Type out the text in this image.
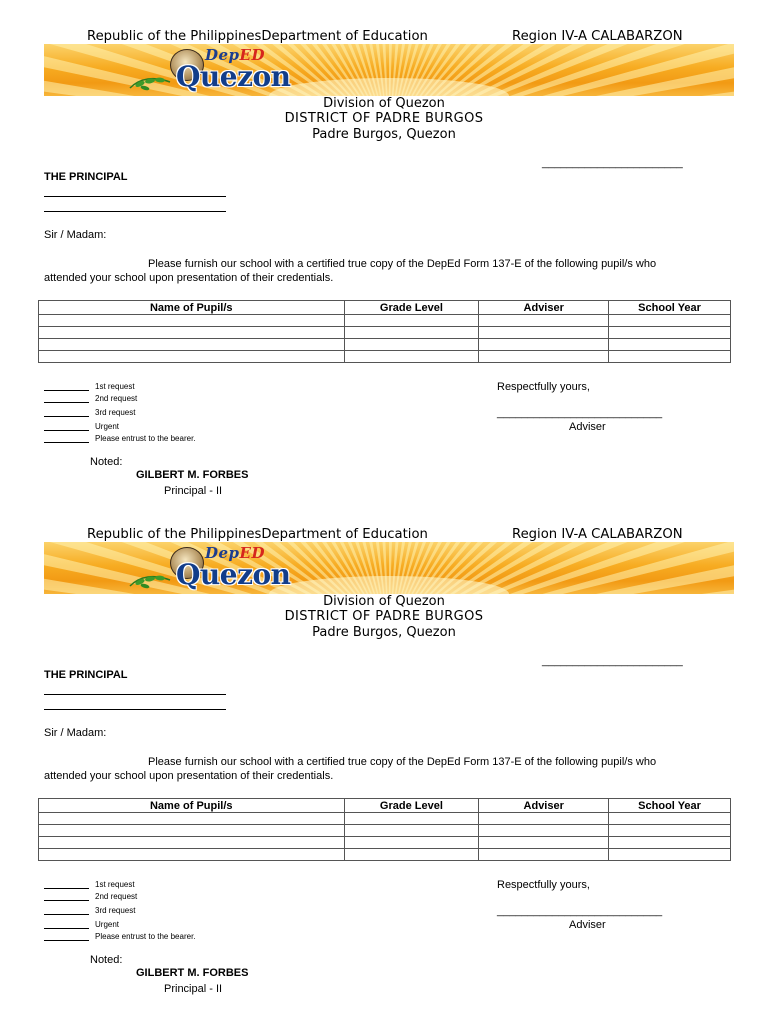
Republic of the PhilippinesDepartment of Education	Region IV-A CALABARZON
DepED
Quezon
Division of Quezon
DISTRICT OF PADRE BURGOS
Padre Burgos, Quezon
_______________________
THE PRINCIPAL
Sir / Madam:
Please furnish our school with a certified true copy of the DepEd Form 137-E of the following pupil/s who
attended your school upon presentation of their credentials.
Name of Pupil/s	Grade Level	Adviser	School Year

1st request
2nd request
3rd request
Urgent
Please entrust to the bearer.
Respectfully yours,
___________________________
Adviser
Noted:
GILBERT M. FORBES
Principal - II
Republic of the PhilippinesDepartment of Education	Region IV-A CALABARZON
DepED
Quezon
Division of Quezon
DISTRICT OF PADRE BURGOS
Padre Burgos, Quezon
_______________________
THE PRINCIPAL
Sir / Madam:
Please furnish our school with a certified true copy of the DepEd Form 137-E of the following pupil/s who
attended your school upon presentation of their credentials.
Name of Pupil/s	Grade Level	Adviser	School Year

1st request
2nd request
3rd request
Urgent
Please entrust to the bearer.
Respectfully yours,
___________________________
Adviser
Noted:
GILBERT M. FORBES
Principal - II
